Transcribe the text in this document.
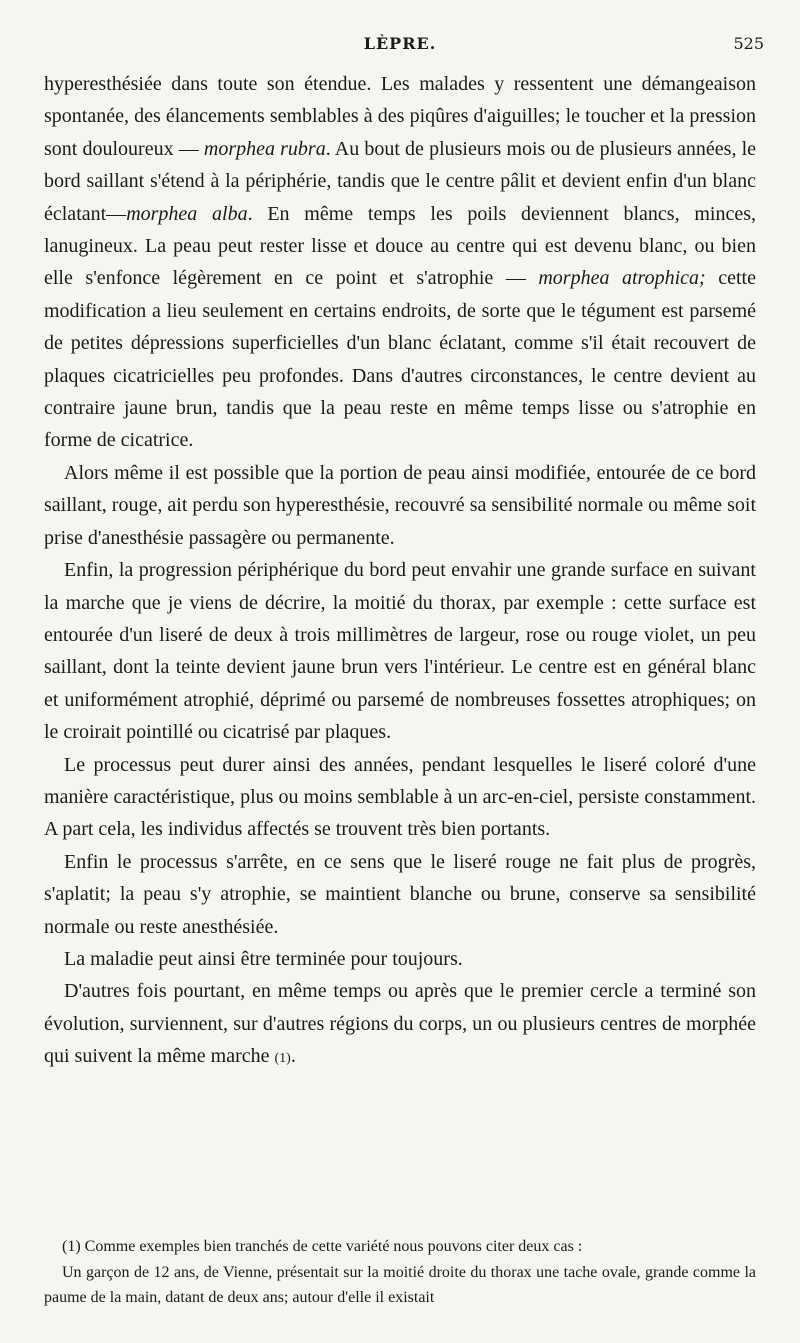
LÈPRE.	525

hyperesthésiée dans toute son étendue. Les malades y ressentent une démangeaison spontanée, des élancements semblables à des piqûres d'aiguilles; le toucher et la pression sont douloureux — morphea rubra. Au bout de plusieurs mois ou de plusieurs années, le bord saillant s'étend à la périphérie, tandis que le centre pâlit et devient enfin d'un blanc éclatant—morphea alba. En même temps les poils deviennent blancs, minces, lanugineux. La peau peut rester lisse et douce au centre qui est devenu blanc, ou bien elle s'enfonce légèrement en ce point et s'atrophie — morphea atrophica; cette modification a lieu seulement en certains endroits, de sorte que le tégument est parsemé de petites dépressions superficielles d'un blanc éclatant, comme s'il était recouvert de plaques cicatricielles peu profondes. Dans d'autres circonstances, le centre devient au contraire jaune brun, tandis que la peau reste en même temps lisse ou s'atrophie en forme de cicatrice.

Alors même il est possible que la portion de peau ainsi modifiée, entourée de ce bord saillant, rouge, ait perdu son hyperesthésie, recouvré sa sensibilité normale ou même soit prise d'anesthésie passagère ou permanente.

Enfin, la progression périphérique du bord peut envahir une grande surface en suivant la marche que je viens de décrire, la moitié du thorax, par exemple : cette surface est entourée d'un liseré de deux à trois millimètres de largeur, rose ou rouge violet, un peu saillant, dont la teinte devient jaune brun vers l'intérieur. Le centre est en général blanc et uniformément atrophié, déprimé ou parsemé de nombreuses fossettes atrophiques; on le croirait pointillé ou cicatrisé par plaques.

Le processus peut durer ainsi des années, pendant lesquelles le liseré coloré d'une manière caractéristique, plus ou moins semblable à un arc-en-ciel, persiste constamment. A part cela, les individus affectés se trouvent très bien portants.

Enfin le processus s'arrête, en ce sens que le liseré rouge ne fait plus de progrès, s'aplatit; la peau s'y atrophie, se maintient blanche ou brune, conserve sa sensibilité normale ou reste anesthésiée.

La maladie peut ainsi être terminée pour toujours.

D'autres fois pourtant, en même temps ou après que le premier cercle a terminé son évolution, surviennent, sur d'autres régions du corps, un ou plusieurs centres de morphée qui suivent la même marche (1).

(1) Comme exemples bien tranchés de cette variété nous pouvons citer deux cas :

Un garçon de 12 ans, de Vienne, présentait sur la moitié droite du thorax une tache ovale, grande comme la paume de la main, datant de deux ans; autour d'elle il existait
